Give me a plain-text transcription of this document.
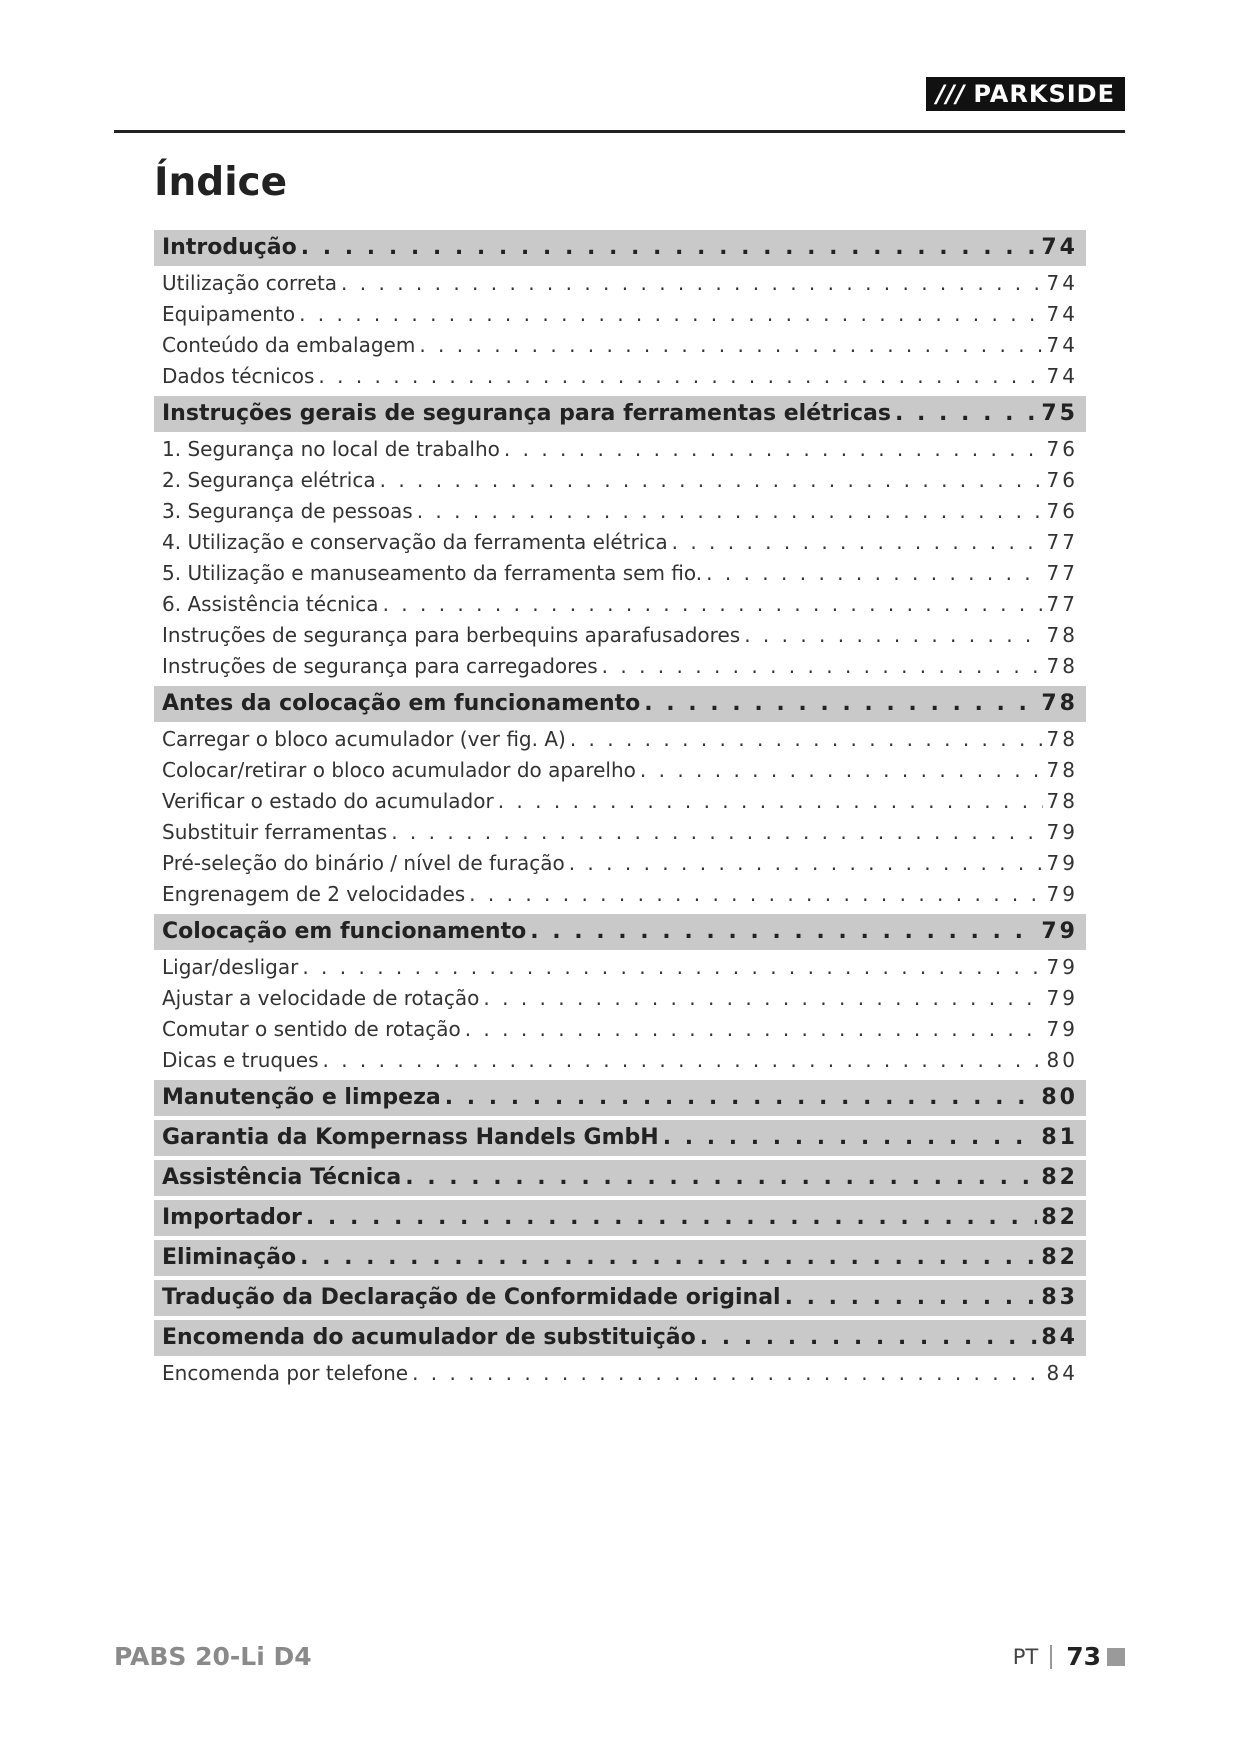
/// PARKSIDE
Índice
Introdução . . .	74
Utilização correta . . .	74
Equipamento . . .	74
Conteúdo da embalagem . . .	74
Dados técnicos . . .	74
Instruções gerais de segurança para ferramentas elétricas . . .	75
1. Segurança no local de trabalho . . .	76
2. Segurança elétrica . . .	76
3. Segurança de pessoas . . .	76
4. Utilização e conservação da ferramenta elétrica . . .	77
5. Utilização e manuseamento da ferramenta sem fio. . . .	77
6. Assistência técnica . . .	77
Instruções de segurança para berbequins aparafusadores . . .	78
Instruções de segurança para carregadores . . .	78
Antes da colocação em funcionamento . . .	78
Carregar o bloco acumulador (ver fig. A) . . .	78
Colocar/retirar o bloco acumulador do aparelho . . .	78
Verificar o estado do acumulador . . .	78
Substituir ferramentas . . .	79
Pré-seleção do binário / nível de furação . . .	79
Engrenagem de 2 velocidades . . .	79
Colocação em funcionamento . . .	79
Ligar/desligar . . .	79
Ajustar a velocidade de rotação . . .	79
Comutar o sentido de rotação . . .	79
Dicas e truques . . .	80
Manutenção e limpeza . . .	80
Garantia da Kompernass Handels GmbH . . .	81
Assistência Técnica . . .	82
Importador . . .	82
Eliminação . . .	82
Tradução da Declaração de Conformidade original . . .	83
Encomenda do acumulador de substituição . . .	84
Encomenda por telefone . . .	84
PABS 20-Li D4	PT	73
